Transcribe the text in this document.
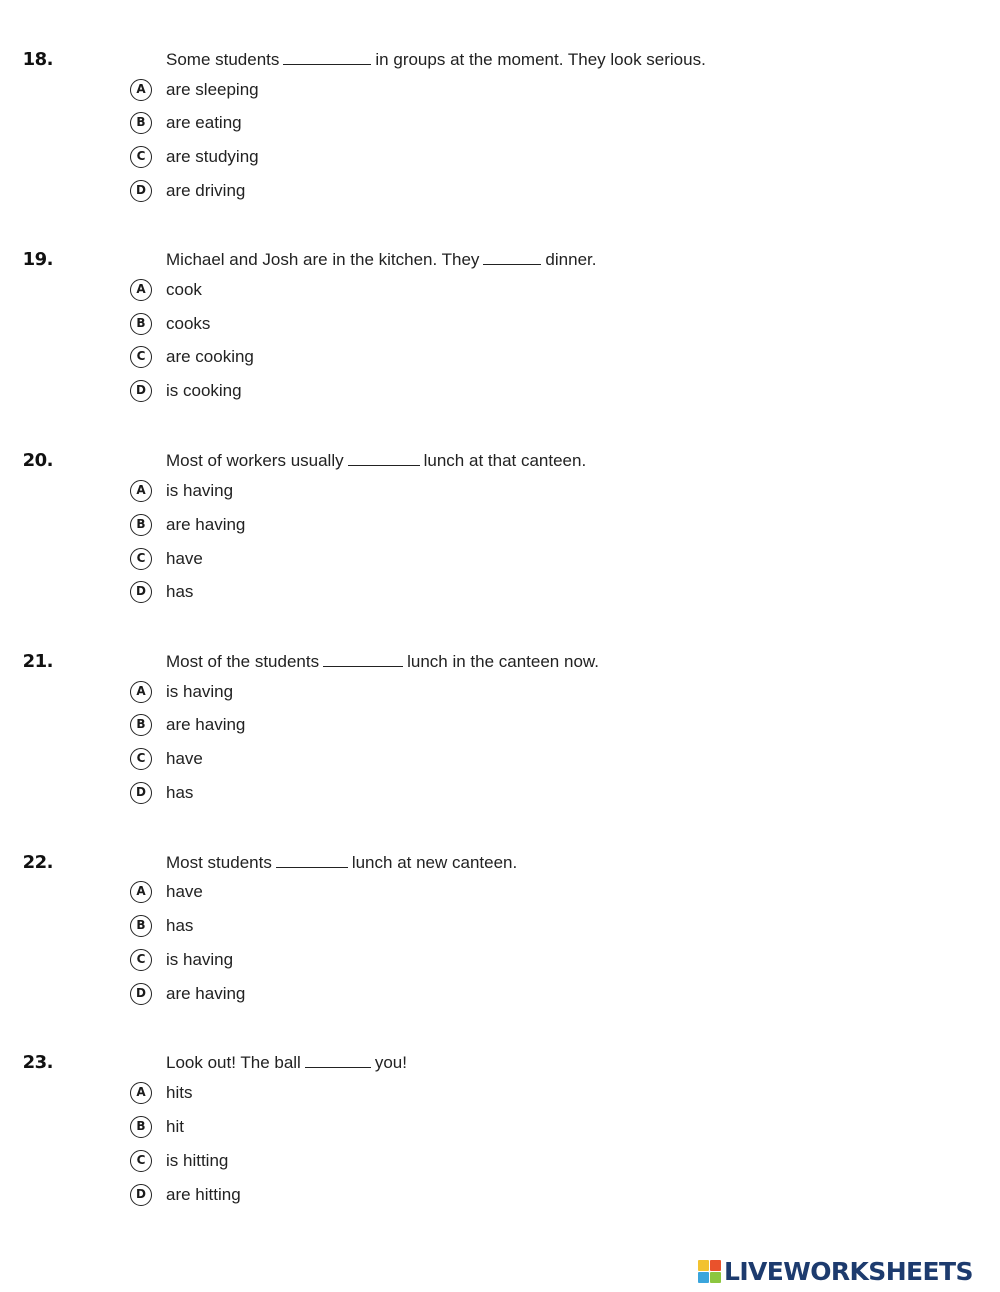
18.	Some students	in groups at the moment. They look serious.
A	are sleeping
B	are eating
C	are studying
D	are driving
19.	Michael and Josh are in the kitchen. They	dinner.
A	cook
B	cooks
C	are cooking
D	is cooking
20.	Most of workers usually	lunch at that canteen.
A	is having
B	are having
C	have
D	has
21.	Most of the students	lunch in the canteen now.
A	is having
B	are having
C	have
D	has
22.	Most students	lunch at new canteen.
A	have
B	has
C	is having
D	are having
23.	Look out! The ball	you!
A	hits
B	hit
C	is hitting
D	are hitting
LIVEWORKSHEETS
